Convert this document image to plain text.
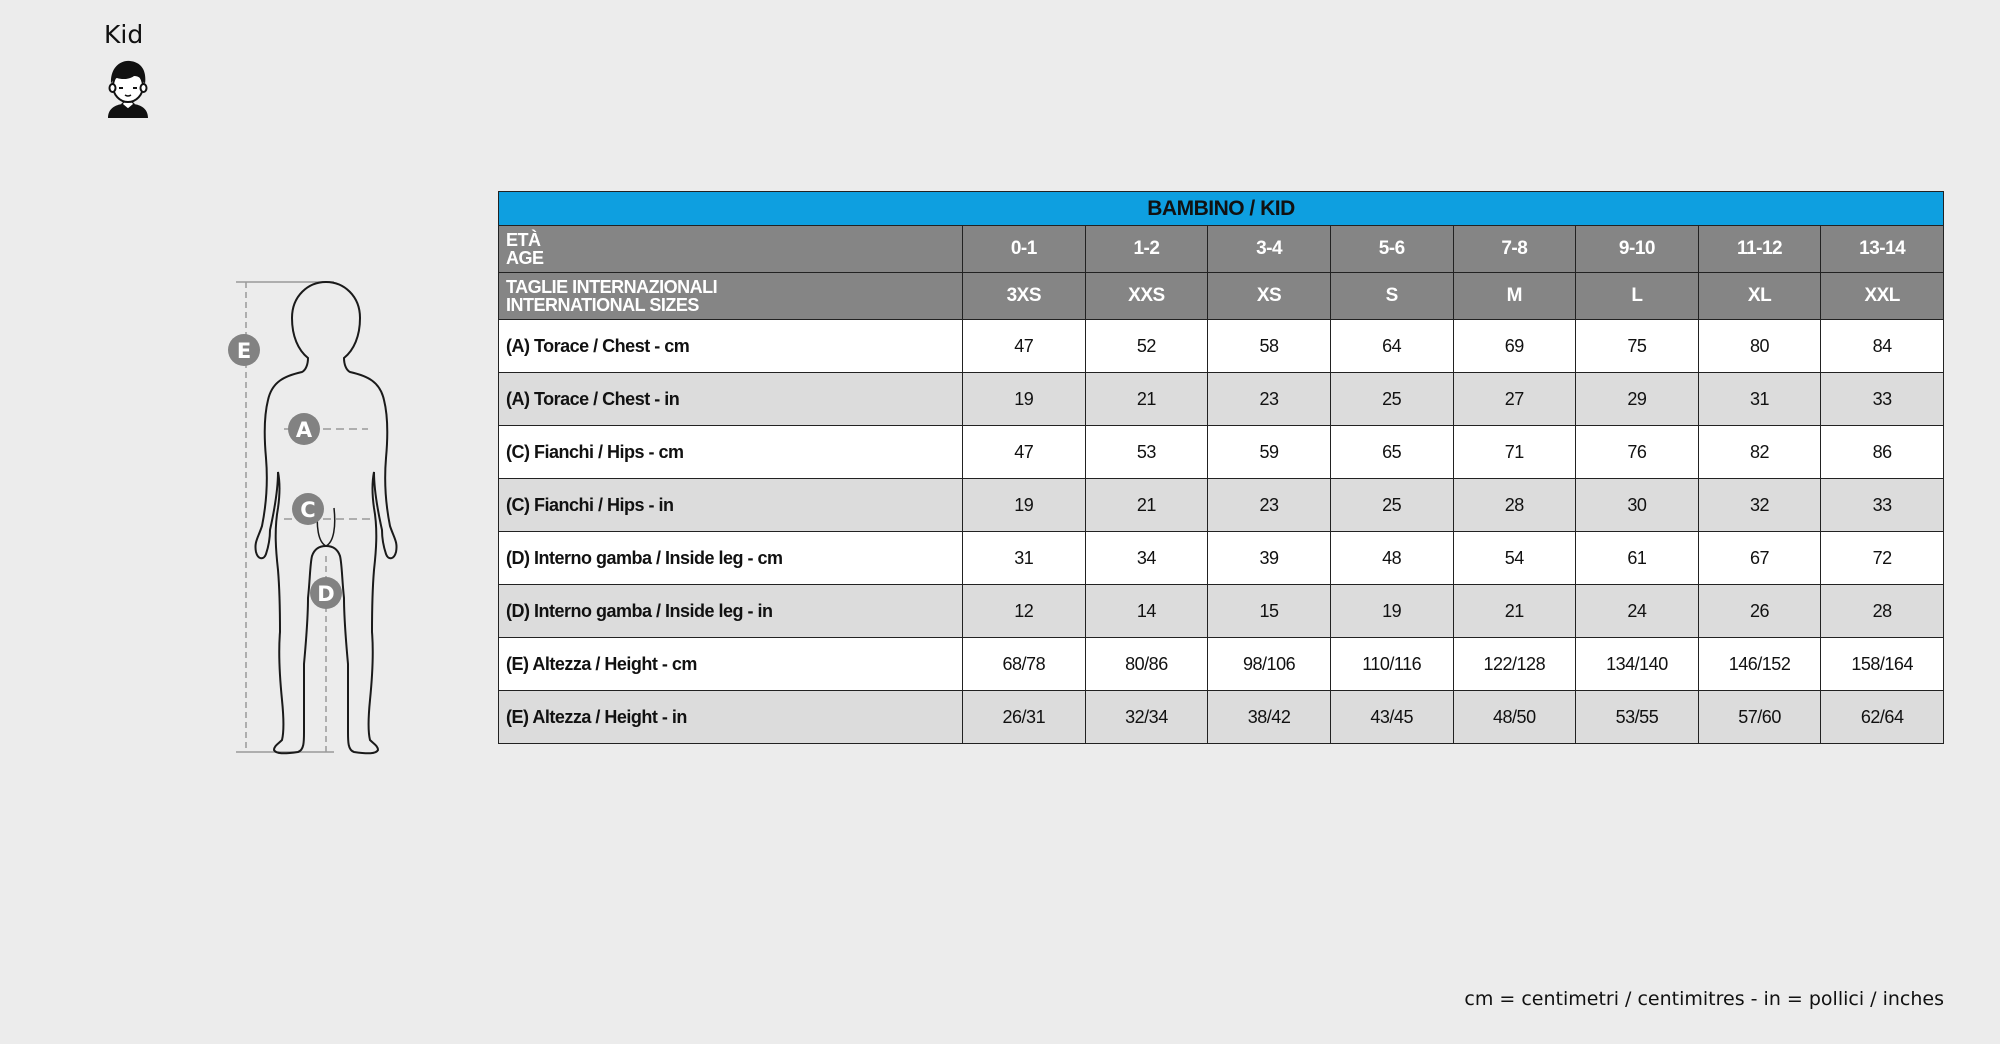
Kid
E
A
C
D
BAMBINO / KID								

ETÀ
AGE	0-1	1-2	3-4	5-6	7-8	9-10	11-12	13-14

TAGLIE INTERNAZIONALI
INTERNATIONAL SIZES	3XS	XXS	XS	S	M	L	XL	XXL
(A) Torace / Chest - cm	47	52	58	64	69	75	80	84
(A) Torace / Chest - in	19	21	23	25	27	29	31	33
(C) Fianchi / Hips - cm	47	53	59	65	71	76	82	86
(C) Fianchi / Hips - in	19	21	23	25	28	30	32	33
(D) Interno gamba / Inside leg - cm	31	34	39	48	54	61	67	72
(D) Interno gamba / Inside leg - in	12	14	15	19	21	24	26	28
(E) Altezza / Height - cm	68/78	80/86	98/106	110/116	122/128	134/140	146/152	158/164
(E) Altezza / Height - in	26/31	32/34	38/42	43/45	48/50	53/55	57/60	62/64
cm = centimetri / centimitres - in = pollici / inches
